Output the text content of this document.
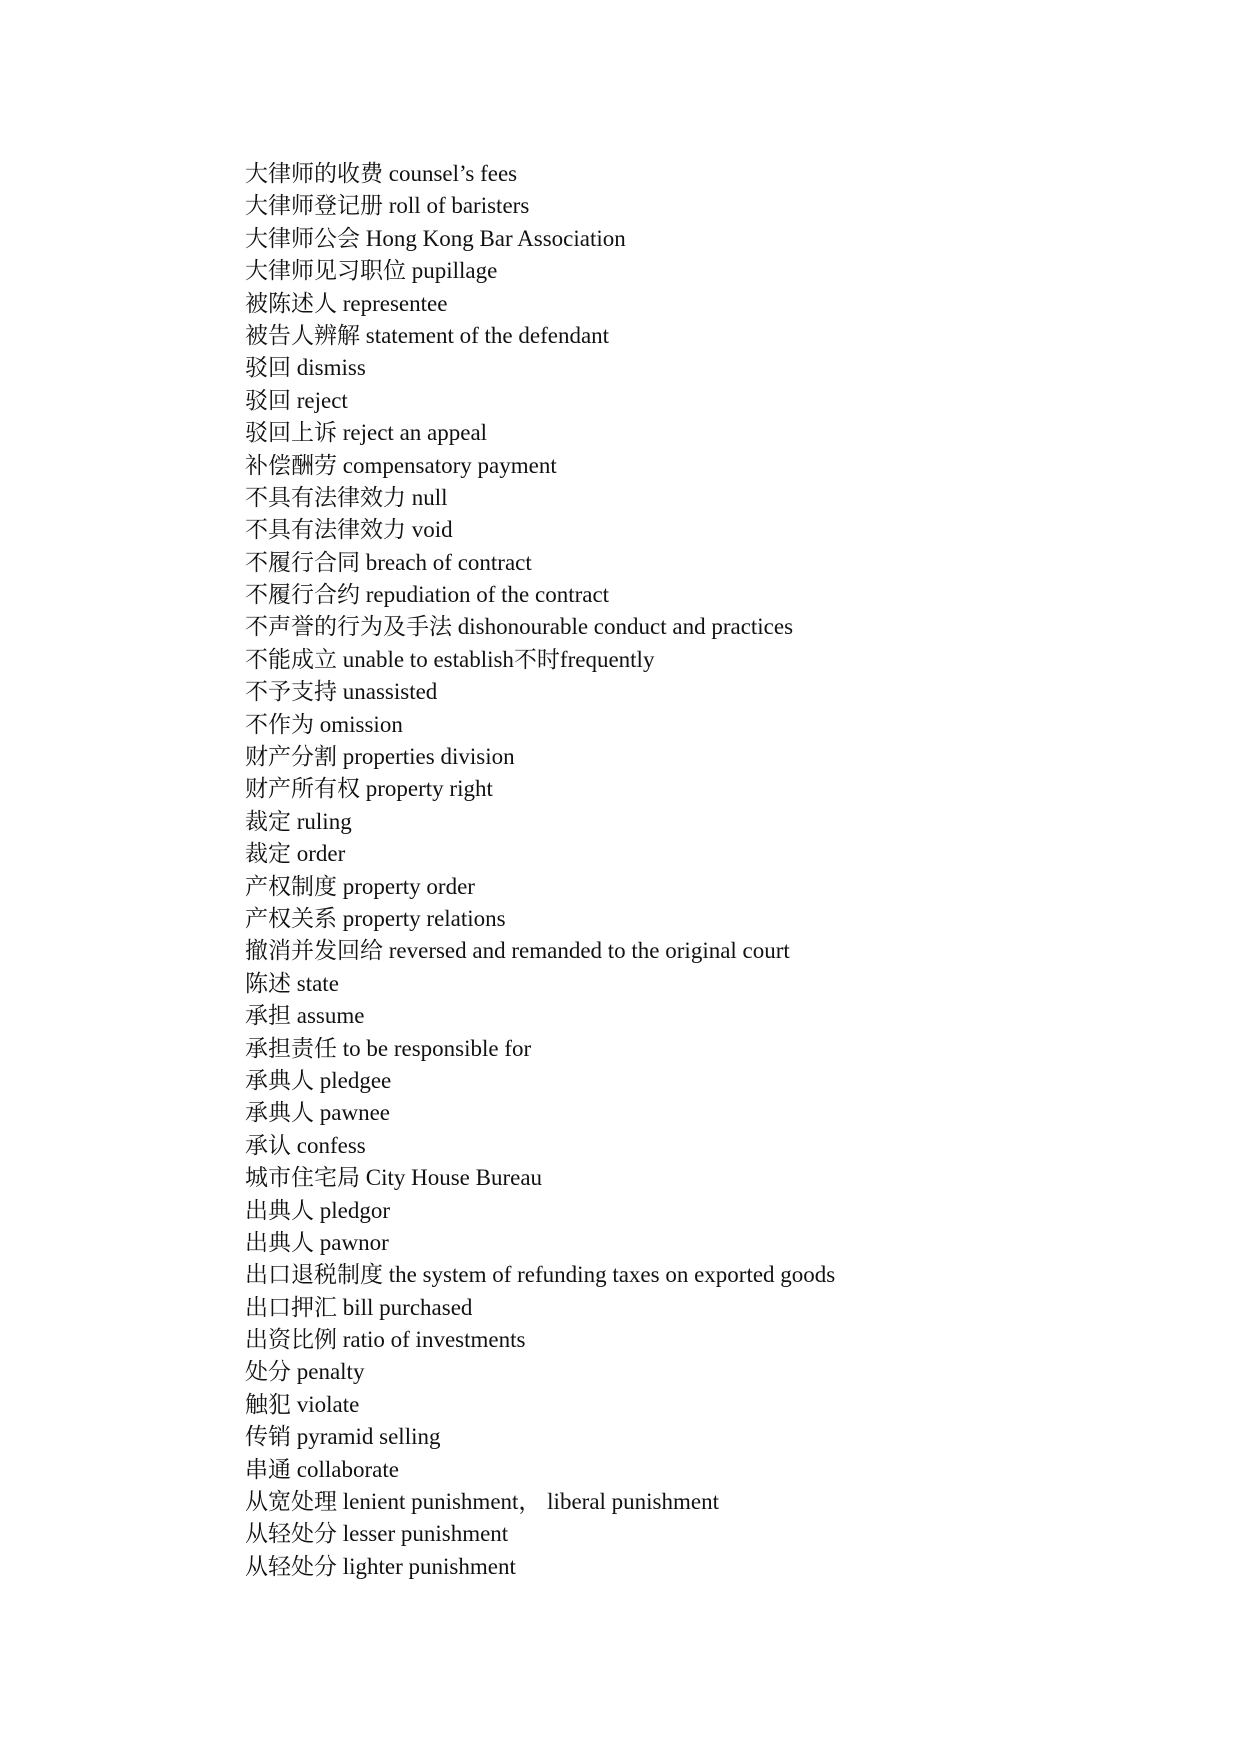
大律师的收费 counsel’s fees
大律师登记册 roll of baristers
大律师公会 Hong Kong Bar Association
大律师见习职位 pupillage
被陈述人 representee
被告人辨解 statement of the defendant
驳回 dismiss
驳回 reject
驳回上诉 reject an appeal
补偿酬劳 compensatory payment
不具有法律效力 null
不具有法律效力 void
不履行合同 breach of contract
不履行合约 repudiation of the contract
不声誉的行为及手法 dishonourable conduct and practices
不能成立 unable to establish不时frequently
不予支持 unassisted
不作为 omission
财产分割 properties division
财产所有权 property right
裁定 ruling
裁定 order
产权制度 property order
产权关系 property relations
撤消并发回给 reversed and remanded to the original court
陈述 state
承担 assume
承担责任 to be responsible for
承典人 pledgee
承典人 pawnee
承认 confess
城市住宅局 City House Bureau
出典人 pledgor
出典人 pawnor
出口退税制度 the system of refunding taxes on exported goods
出口押汇 bill purchased
出资比例 ratio of investments
处分 penalty
触犯 violate
传销 pyramid selling
串通 collaborate
从宽处理 lenient punishment， liberal punishment
从轻处分 lesser punishment
从轻处分 lighter punishment
